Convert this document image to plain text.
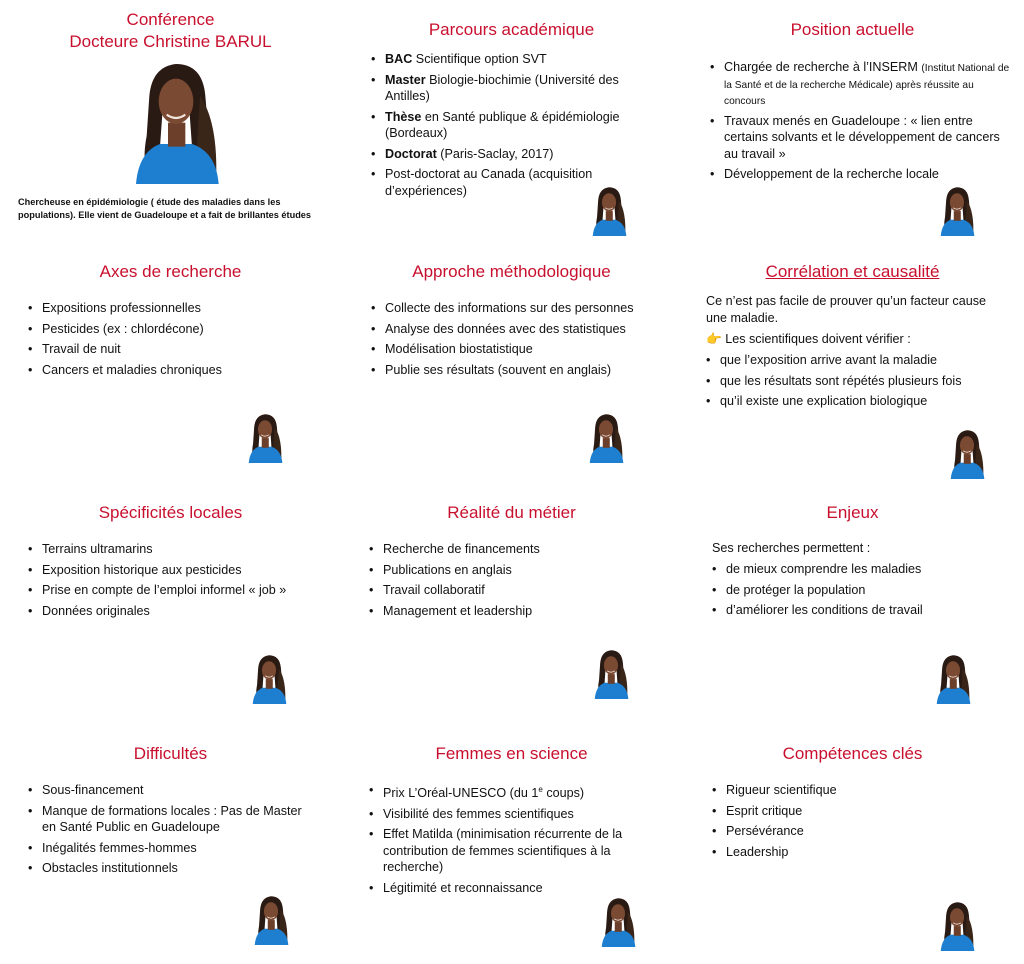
Conférence
Docteure Christine BARUL
Chercheuse en épidémiologie ( étude des maladies dans les populations). Elle vient de Guadeloupe et a fait de brillantes études
Parcours académique
• BAC Scientifique option SVT
• Master Biologie-biochimie (Université des Antilles)
• Thèse en Santé publique & épidémiologie (Bordeaux)
• Doctorat (Paris-Saclay, 2017)
• Post-doctorat au Canada (acquisition d’expériences)
Position actuelle
• Chargée de recherche à l’INSERM (Institut National de la Santé et de la recherche Médicale) après réussite au concours
• Travaux menés en Guadeloupe : « lien entre certains solvants et le développement de cancers au travail »
• Développement de la recherche locale
Axes de recherche
• Expositions professionnelles
• Pesticides (ex : chlordécone)
• Travail de nuit
• Cancers et maladies chroniques
Approche méthodologique
• Collecte des informations sur des personnes
• Analyse des données avec des statistiques
• Modélisation biostatistique
• Publie ses résultats (souvent en anglais)
Corrélation et causalité
Ce n’est pas facile de prouver qu’un facteur cause une maladie.
👉 Les scientifiques doivent vérifier :
• que l’exposition arrive avant la maladie
• que les résultats sont répétés plusieurs fois
• qu’il existe une explication biologique
Spécificités locales
• Terrains ultramarins
• Exposition historique aux pesticides
• Prise en compte de l’emploi informel « job »
• Données originales
Réalité du métier
• Recherche de financements
• Publications en anglais
• Travail collaboratif
• Management et leadership
Enjeux
Ses recherches permettent :
• de mieux comprendre les maladies
• de protéger la population
• d’améliorer les conditions de travail
Difficultés
• Sous-financement
• Manque de formations locales : Pas de Master en Santé Public en Guadeloupe
• Inégalités femmes-hommes
• Obstacles institutionnels
Femmes en science
• Prix L’Oréal-UNESCO (du 1e coups)
• Visibilité des femmes scientifiques
• Effet Matilda (minimisation récurrente de la contribution de femmes scientifiques à la recherche)
• Légitimité et reconnaissance
Compétences clés
• Rigueur scientifique
• Esprit critique
• Persévérance
• Leadership
